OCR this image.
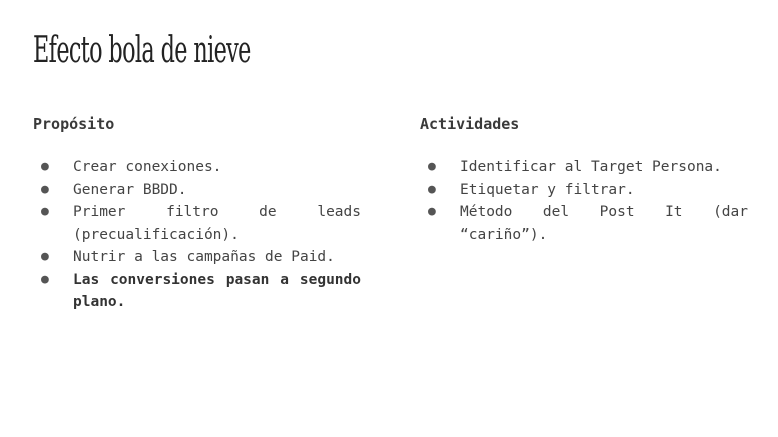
Efecto bola de nieve
Propósito
● Crear conexiones.
● Generar BBDD.
● Primer filtro de leads (precualificación).
● Nutrir a las campañas de Paid.
● Las conversiones pasan a segundo plano.
Actividades
● Identificar al Target Persona.
● Etiquetar y filtrar.
● Método del Post It (dar “cariño”).
